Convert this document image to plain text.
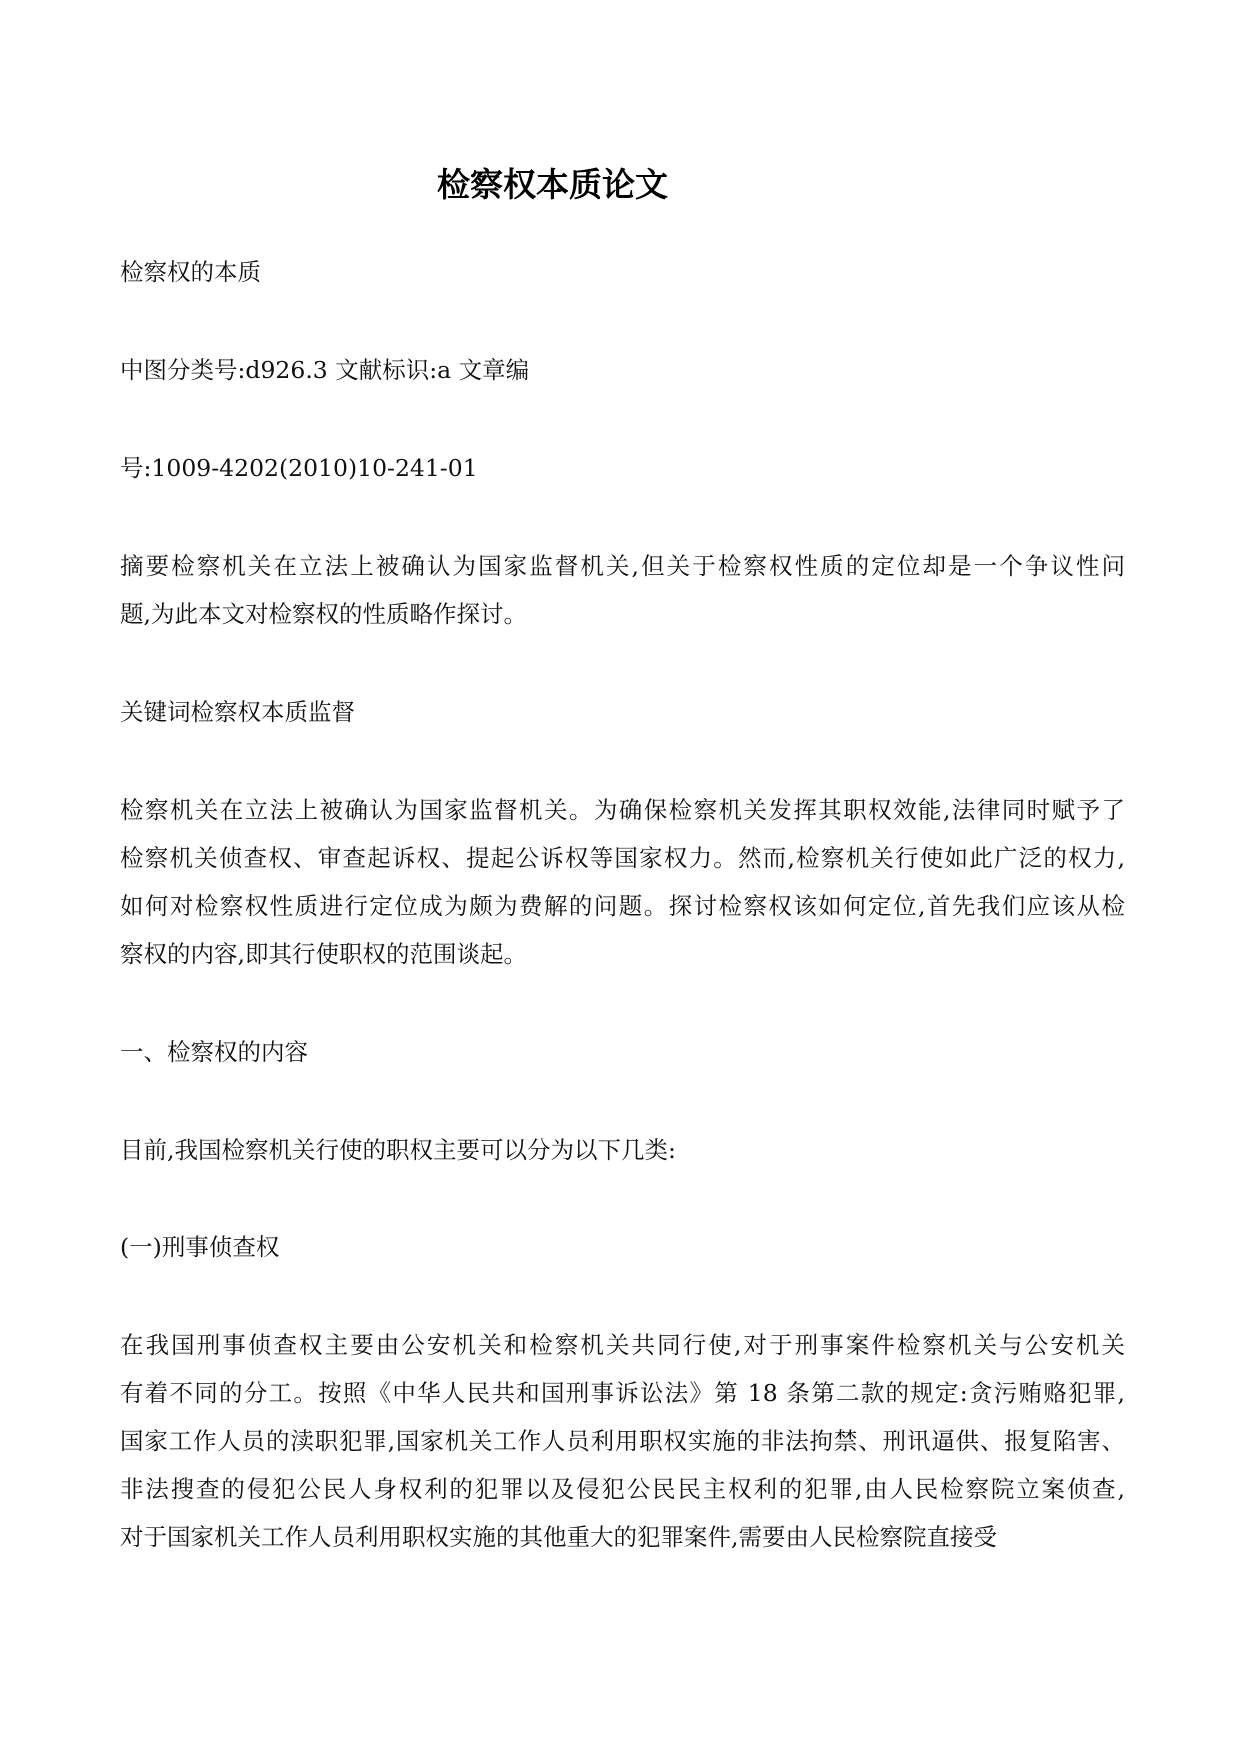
检察权本质论文
检察权的本质
中图分类号:d926.3 文献标识:a 文章编
号:1009-4202(2010)10-241-01
摘要检察机关在立法上被确认为国家监督机关,但关于检察权性质的定位却是一个争议性问
题,为此本文对检察权的性质略作探讨。
关键词检察权本质监督
检察机关在立法上被确认为国家监督机关。为确保检察机关发挥其职权效能,法律同时赋予了
检察机关侦查权、审查起诉权、提起公诉权等国家权力。然而,检察机关行使如此广泛的权力,
如何对检察权性质进行定位成为颇为费解的问题。探讨检察权该如何定位,首先我们应该从检
察权的内容,即其行使职权的范围谈起。
一、检察权的内容
目前,我国检察机关行使的职权主要可以分为以下几类:
(一)刑事侦查权
在我国刑事侦查权主要由公安机关和检察机关共同行使,对于刑事案件检察机关与公安机关
有着不同的分工。按照《中华人民共和国刑事诉讼法》第 18 条第二款的规定:贪污贿赂犯罪,
国家工作人员的渎职犯罪,国家机关工作人员利用职权实施的非法拘禁、刑讯逼供、报复陷害、
非法搜查的侵犯公民人身权利的犯罪以及侵犯公民民主权利的犯罪,由人民检察院立案侦查,
对于国家机关工作人员利用职权实施的其他重大的犯罪案件,需要由人民检察院直接受
